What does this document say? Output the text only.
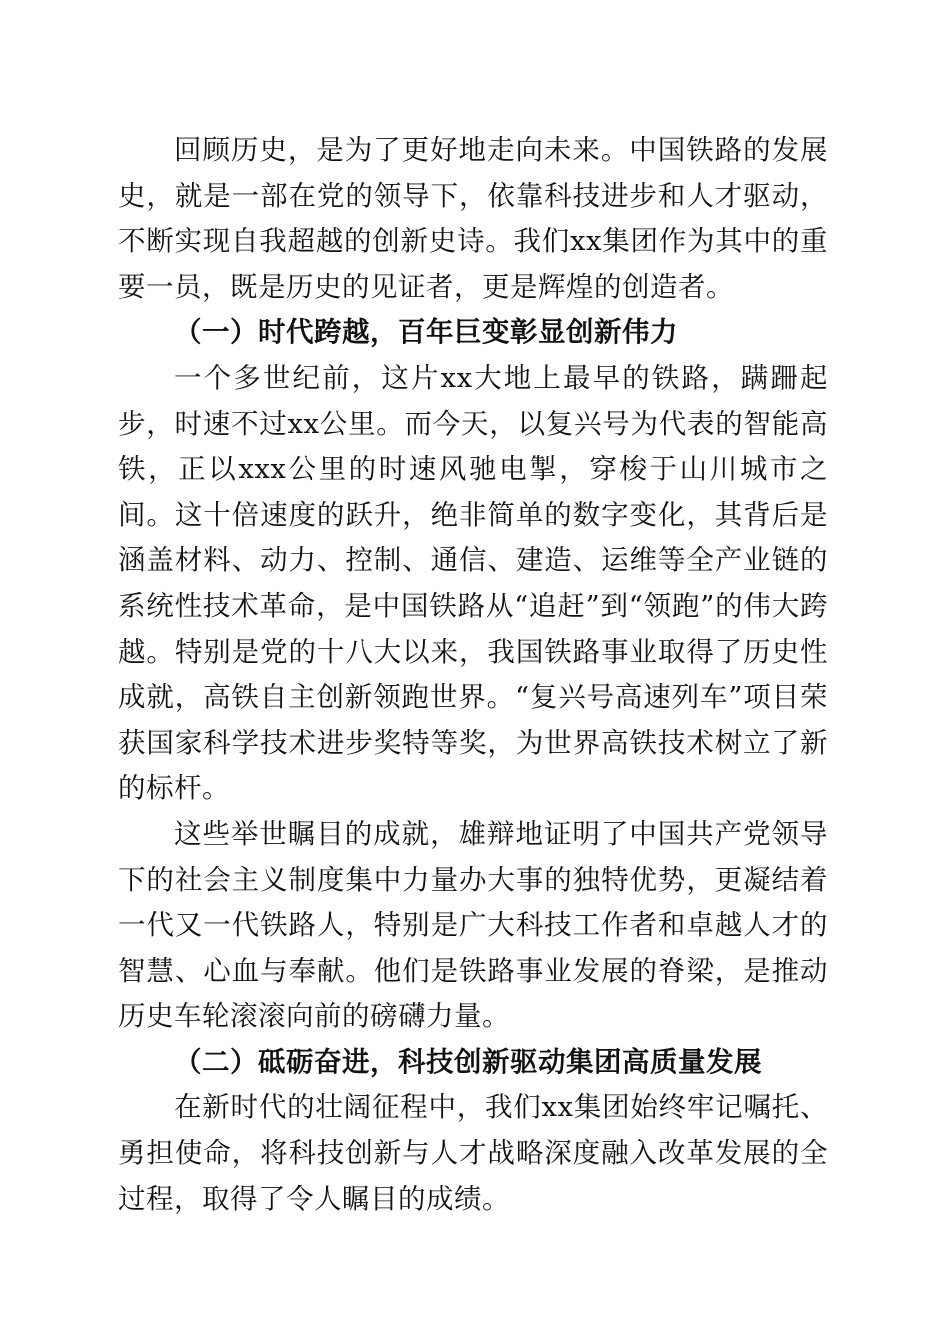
回顾历史，是为了更好地走向未来。中国铁路的发展史，就是一部在党的领导下，依靠科技进步和人才驱动，不断实现自我超越的创新史诗。我们xx集团作为其中的重要一员，既是历史的见证者，更是辉煌的创造者。

（一）时代跨越，百年巨变彰显创新伟力

一个多世纪前，这片xx大地上最早的铁路，蹒跚起步，时速不过xx公里。而今天，以复兴号为代表的智能高铁，正以xxx公里的时速风驰电掣，穿梭于山川城市之间。这十倍速度的跃升，绝非简单的数字变化，其背后是涵盖材料、动力、控制、通信、建造、运维等全产业链的系统性技术革命，是中国铁路从“追赶”到“领跑”的伟大跨越。特别是党的十八大以来，我国铁路事业取得了历史性成就，高铁自主创新领跑世界。“复兴号高速列车”项目荣获国家科学技术进步奖特等奖，为世界高铁技术树立了新的标杆。

这些举世瞩目的成就，雄辩地证明了中国共产党领导下的社会主义制度集中力量办大事的独特优势，更凝结着一代又一代铁路人，特别是广大科技工作者和卓越人才的智慧、心血与奉献。他们是铁路事业发展的脊梁，是推动历史车轮滚滚向前的磅礴力量。

（二）砥砺奋进，科技创新驱动集团高质量发展

在新时代的壮阔征程中，我们xx集团始终牢记嘱托、勇担使命，将科技创新与人才战略深度融入改革发展的全过程，取得了令人瞩目的成绩。
